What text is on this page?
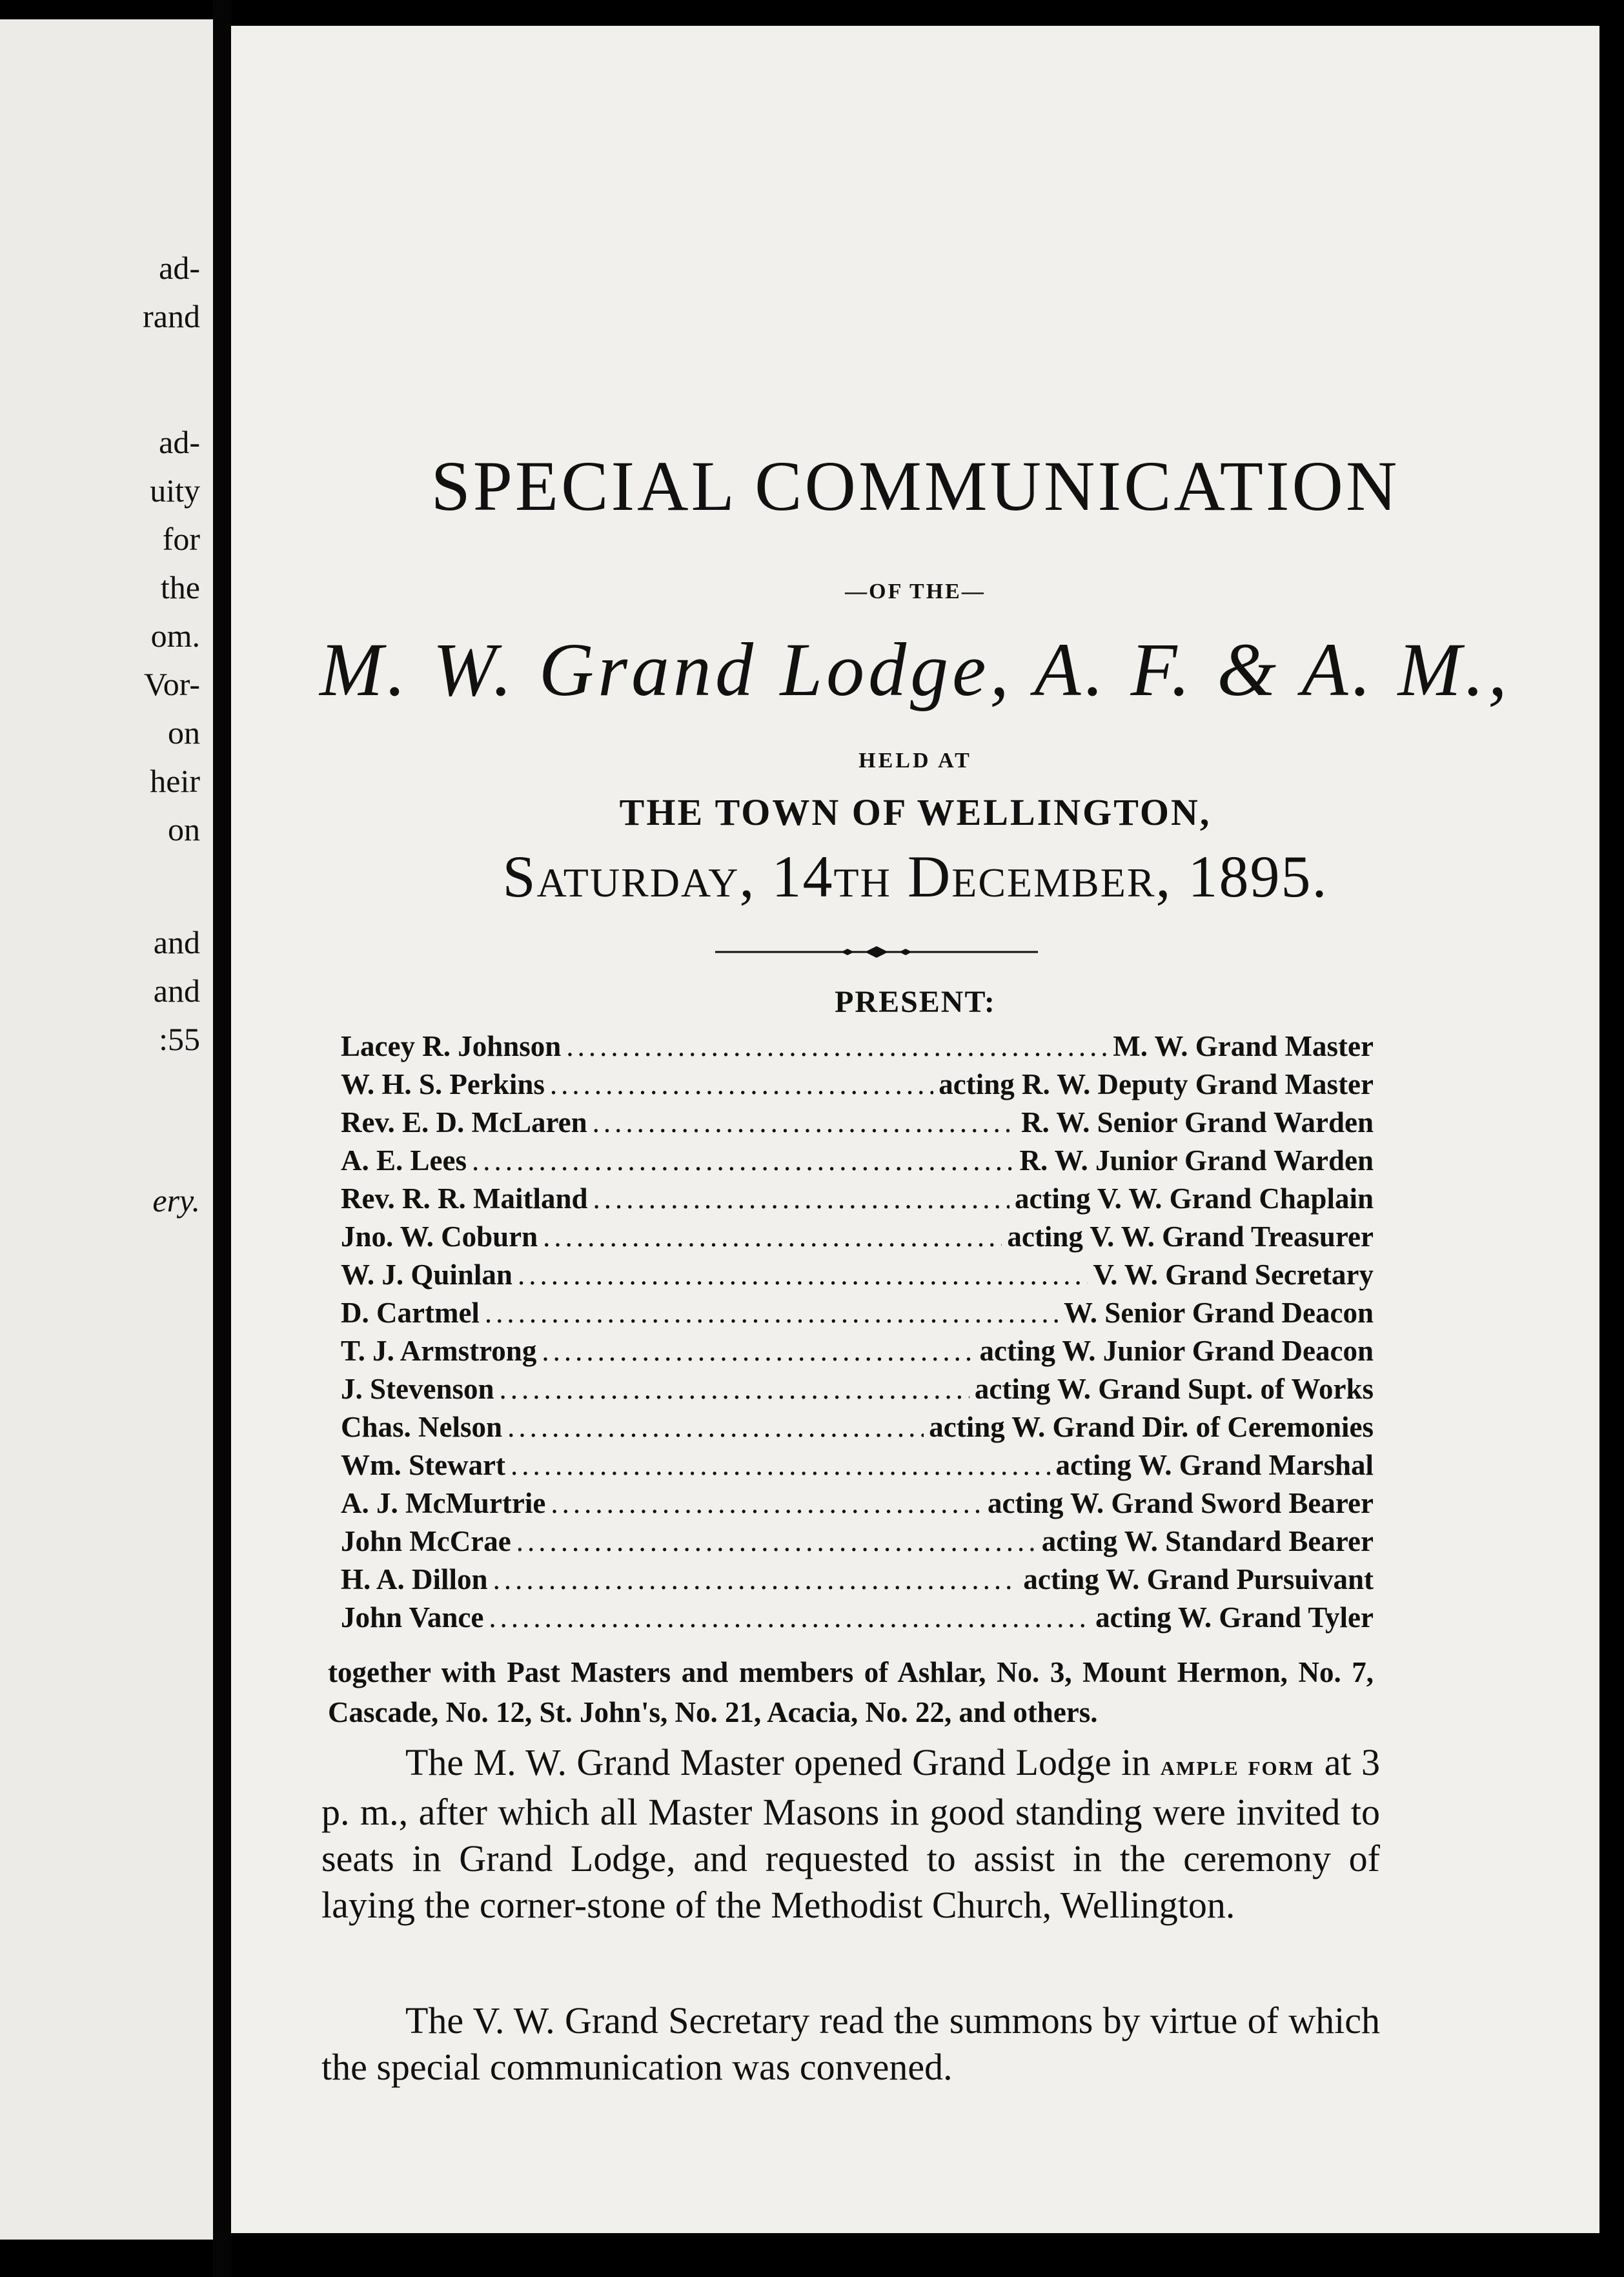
ad-
rand
ad-
uity
for
the
om.
Vor-
on
heir
on
and
and
:55
ery.
SPECIAL COMMUNICATION
—OF THE—
M. W. Grand Lodge, A. F. & A. M.,
HELD AT
THE TOWN OF WELLINGTON,
Saturday, 14th December, 1895.
PRESENT:
Lacey R. Johnson .....	M. W. Grand Master
W. H. S. Perkins .....	acting R. W. Deputy Grand Master
Rev. E. D. McLaren .....	R. W. Senior Grand Warden
A. E. Lees .....	R. W. Junior Grand Warden
Rev. R. R. Maitland .....	acting V. W. Grand Chaplain
Jno. W. Coburn .....	acting V. W. Grand Treasurer
W. J. Quinlan .....	V. W. Grand Secretary
D. Cartmel .....	W. Senior Grand Deacon
T. J. Armstrong .....	acting W. Junior Grand Deacon
J. Stevenson .....	acting W. Grand Supt. of Works
Chas. Nelson .....	acting W. Grand Dir. of Ceremonies
Wm. Stewart .....	acting W. Grand Marshal
A. J. McMurtrie .....	acting W. Grand Sword Bearer
John McCrae .....	acting W. Standard Bearer
H. A. Dillon .....	acting W. Grand Pursuivant
John Vance .....	acting W. Grand Tyler
together with Past Masters and members of Ashlar, No. 3, Mount Hermon, No. 7, Cascade, No. 12, St. John's, No. 21, Acacia, No. 22, and others.

The M. W. Grand Master opened Grand Lodge in ample form at 3 p. m., after which all Master Masons in good standing were invited to seats in Grand Lodge, and requested to assist in the ceremony of laying the corner-stone of the Methodist Church, Wellington.

The V. W. Grand Secretary read the summons by virtue of which the special communication was convened.
